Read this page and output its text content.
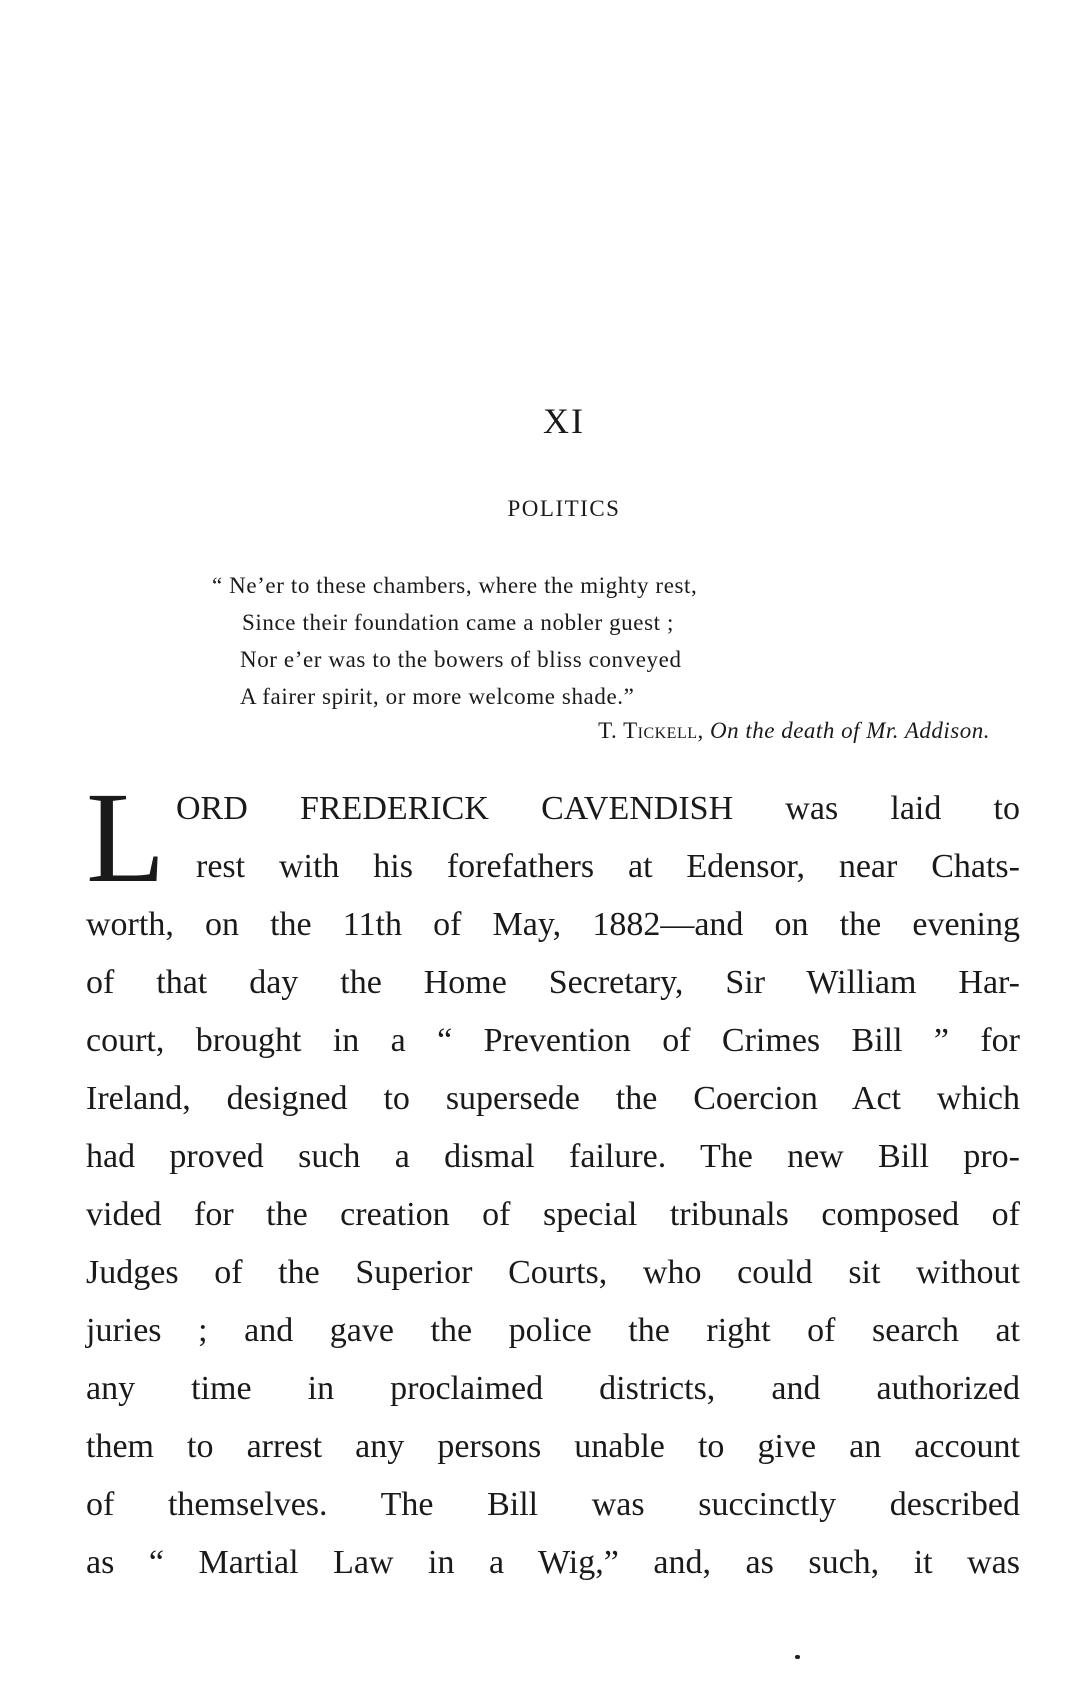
XI
POLITICS
“ Ne’er to these chambers, where the mighty rest,
Since their foundation came a nobler guest ;
Nor e’er was to the bowers of bliss conveyed
A fairer spirit, or more welcome shade.”
T. Tickell, On the death of Mr. Addison.
L ORD FREDERICK CAVENDISH was laid to
rest with his forefathers at Edensor, near Chats-
worth, on the 11th of May, 1882—and on the evening
of that day the Home Secretary, Sir William Har-
court, brought in a “ Prevention of Crimes Bill ” for
Ireland, designed to supersede the Coercion Act which
had proved such a dismal failure. The new Bill pro-
vided for the creation of special tribunals composed of
Judges of the Superior Courts, who could sit without
juries ; and gave the police the right of search at
any time in proclaimed districts, and authorized
them to arrest any persons unable to give an account
of themselves. The Bill was succinctly described
as “ Martial Law in a Wig,” and, as such, it was
